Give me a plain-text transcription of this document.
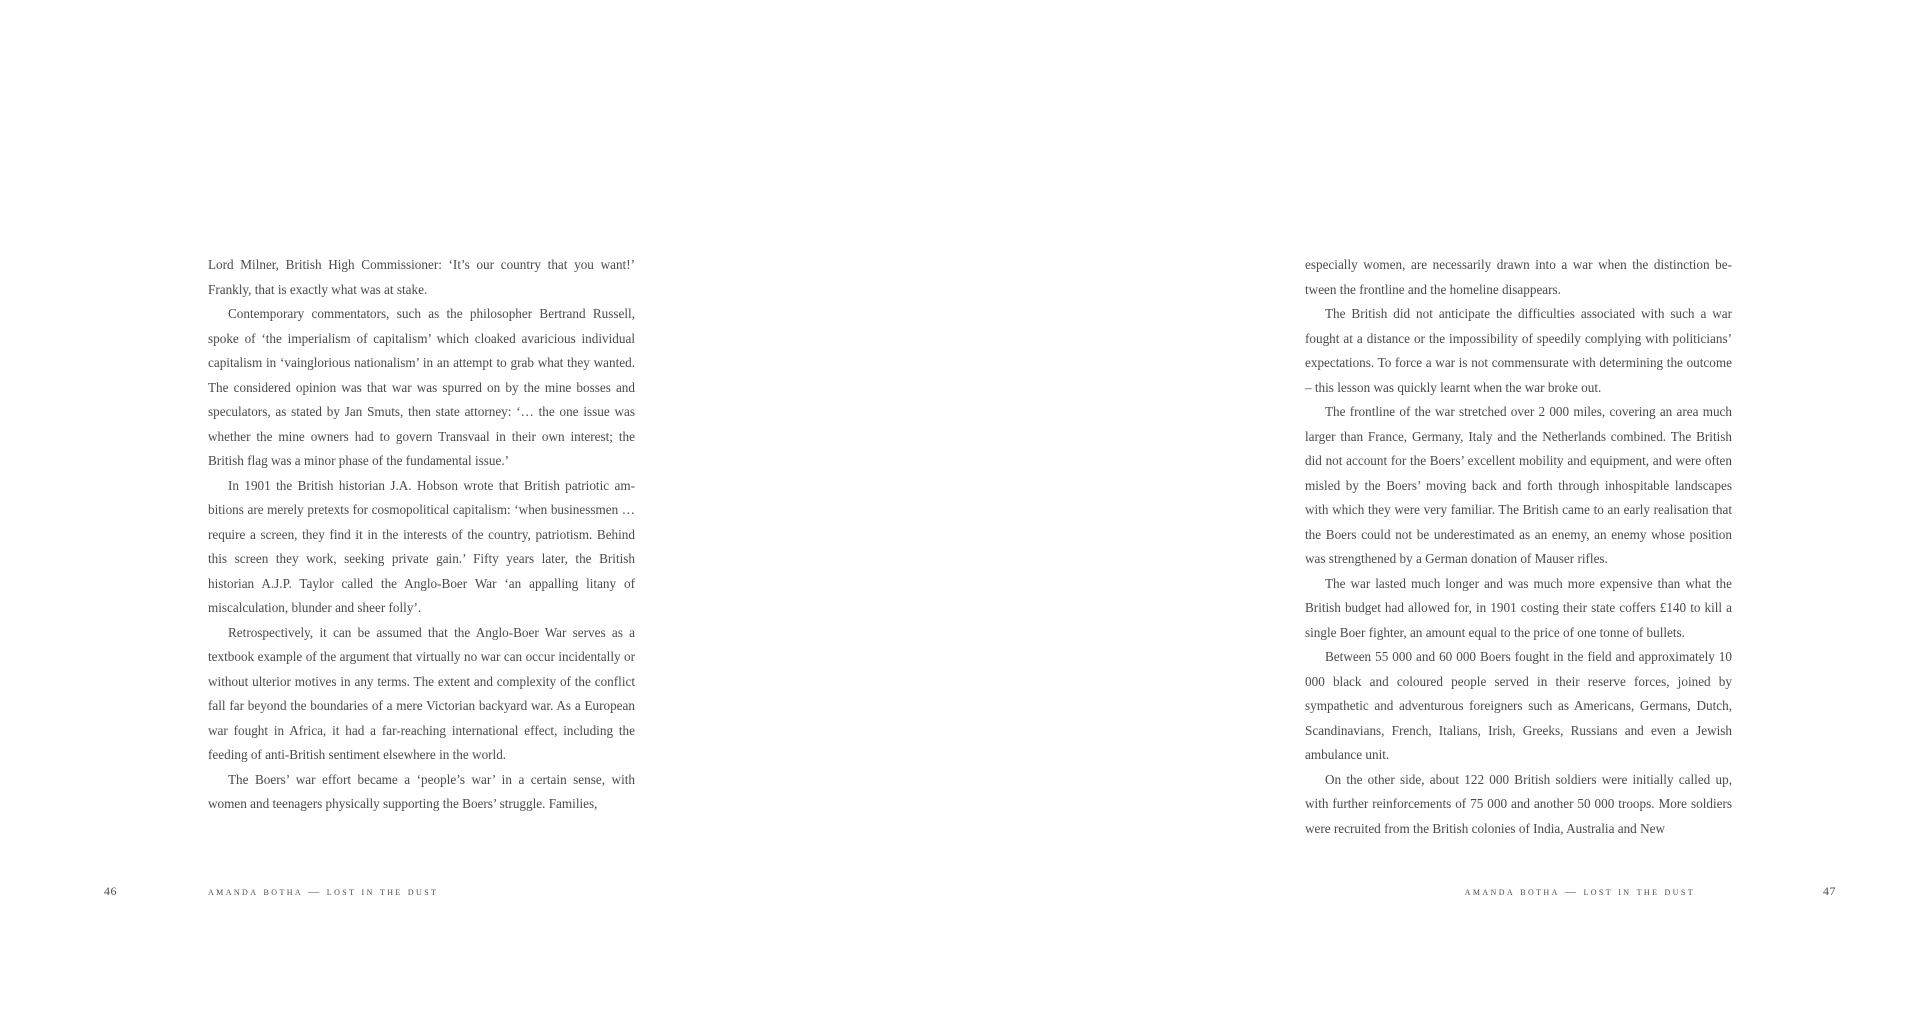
Lord Milner, British High Commissioner: ‘It’s our country that you want!’ Frankly, that is exactly what was at stake.

Contemporary commentators, such as the philosopher Bertrand Russell, spoke of ‘the imperialism of capitalism’ which cloaked avaricious individual capitalism in ‘vainglorious nationalism’ in an attempt to grab what they wanted. The considered opinion was that war was spurred on by the mine bosses and speculators, as stated by Jan Smuts, then state attorney: ‘… the one issue was whether the mine owners had to govern Transvaal in their own interest; the British flag was a minor phase of the fundamental issue.’

In 1901 the British historian J.A. Hobson wrote that British patriotic ambitions are merely pretexts for cosmopolitical capitalism: ‘when businessmen … require a screen, they find it in the interests of the country, patriotism. Behind this screen they work, seeking private gain.’ Fifty years later, the British historian A.J.P. Taylor called the Anglo-Boer War ‘an appalling litany of miscalculation, blunder and sheer folly’.

Retrospectively, it can be assumed that the Anglo-Boer War serves as a textbook example of the argument that virtually no war can occur incidentally or without ulterior motives in any terms. The extent and complexity of the conflict fall far beyond the boundaries of a mere Victorian backyard war. As a European war fought in Africa, it had a far-reaching international effect, including the feeding of anti-British sentiment elsewhere in the world.

The Boers’ war effort became a ‘people’s war’ in a certain sense, with women and teenagers physically supporting the Boers’ struggle. Families,

46	amanda botha — lost in the dust

especially women, are necessarily drawn into a war when the distinction between the frontline and the homeline disappears.

The British did not anticipate the difficulties associated with such a war fought at a distance or the impossibility of speedily complying with politicians’ expectations. To force a war is not commensurate with determining the outcome – this lesson was quickly learnt when the war broke out.

The frontline of the war stretched over 2 000 miles, covering an area much larger than France, Germany, Italy and the Netherlands combined. The British did not account for the Boers’ excellent mobility and equipment, and were often misled by the Boers’ moving back and forth through inhospitable landscapes with which they were very familiar. The British came to an early realisation that the Boers could not be underestimated as an enemy, an enemy whose position was strengthened by a German donation of Mauser rifles.

The war lasted much longer and was much more expensive than what the British budget had allowed for, in 1901 costing their state coffers £140 to kill a single Boer fighter, an amount equal to the price of one tonne of bullets.

Between 55 000 and 60 000 Boers fought in the field and approximately 10 000 black and coloured people served in their reserve forces, joined by sympathetic and adventurous foreigners such as Americans, Germans, Dutch, Scandinavians, French, Italians, Irish, Greeks, Russians and even a Jewish ambulance unit.

On the other side, about 122 000 British soldiers were initially called up, with further reinforcements of 75 000 and another 50 000 troops. More soldiers were recruited from the British colonies of India, Australia and New

amanda botha — lost in the dust	47
